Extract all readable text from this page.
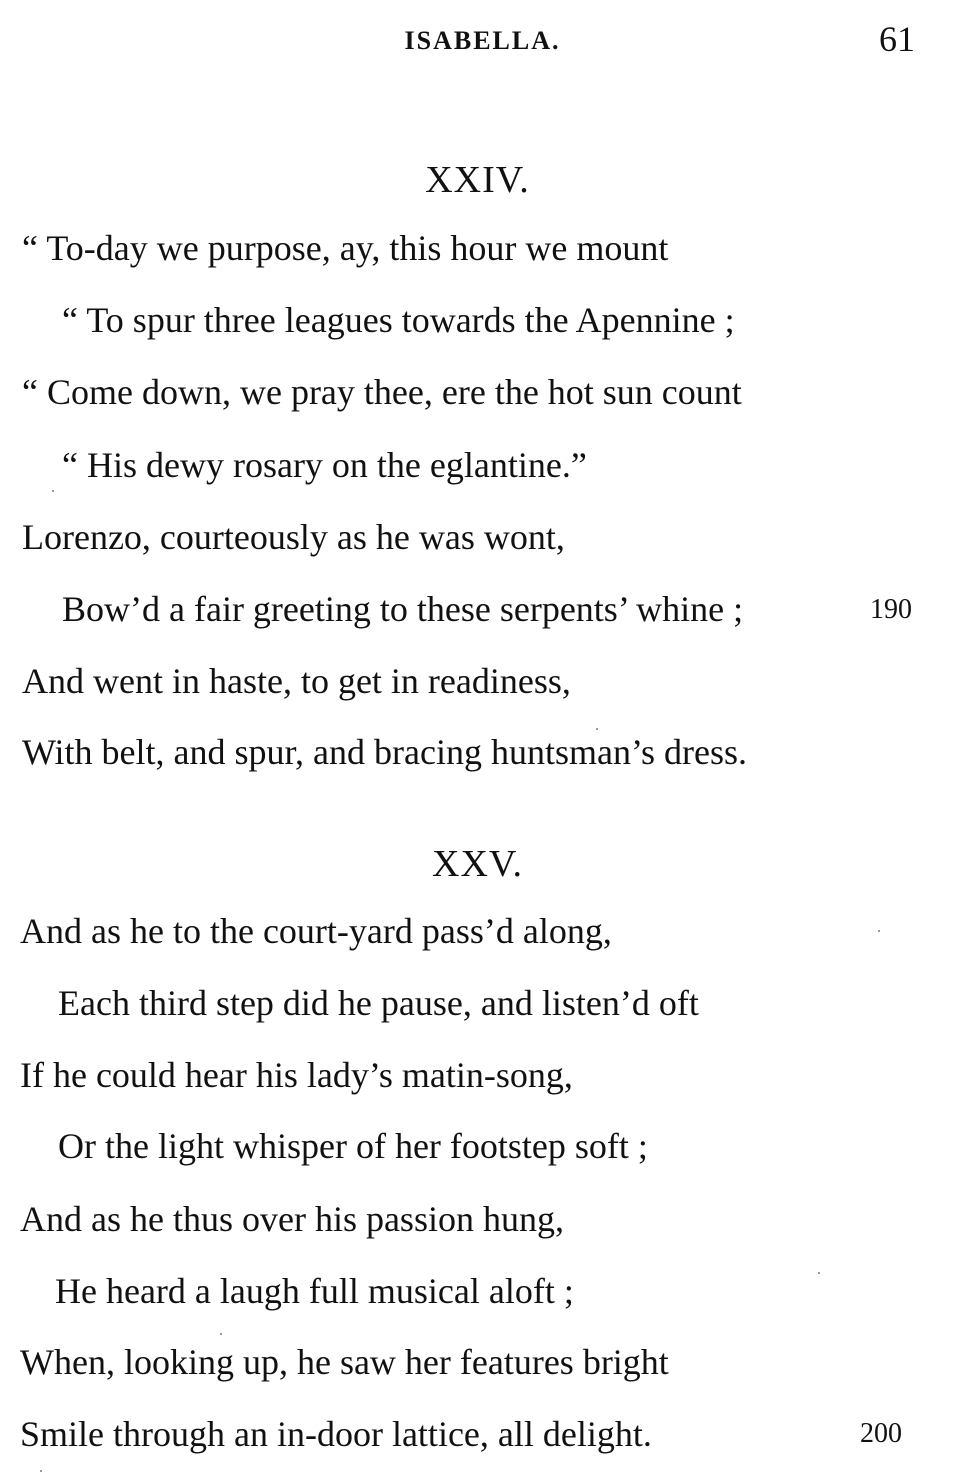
ISABELLA.	61
XXIV.
“ To-day we purpose, ay, this hour we mount
“ To spur three leagues towards the Apennine ;
“ Come down, we pray thee, ere the hot sun count
“ His dewy rosary on the eglantine.”
Lorenzo, courteously as he was wont,
Bow’d a fair greeting to these serpents’ whine ;	190
And went in haste, to get in readiness,
With belt, and spur, and bracing huntsman’s dress.
XXV.
And as he to the court-yard pass’d along,
Each third step did he pause, and listen’d oft
If he could hear his lady’s matin-song,
Or the light whisper of her footstep soft ;
And as he thus over his passion hung,
He heard a laugh full musical aloft ;
When, looking up, he saw her features bright
Smile through an in-door lattice, all delight.	200
